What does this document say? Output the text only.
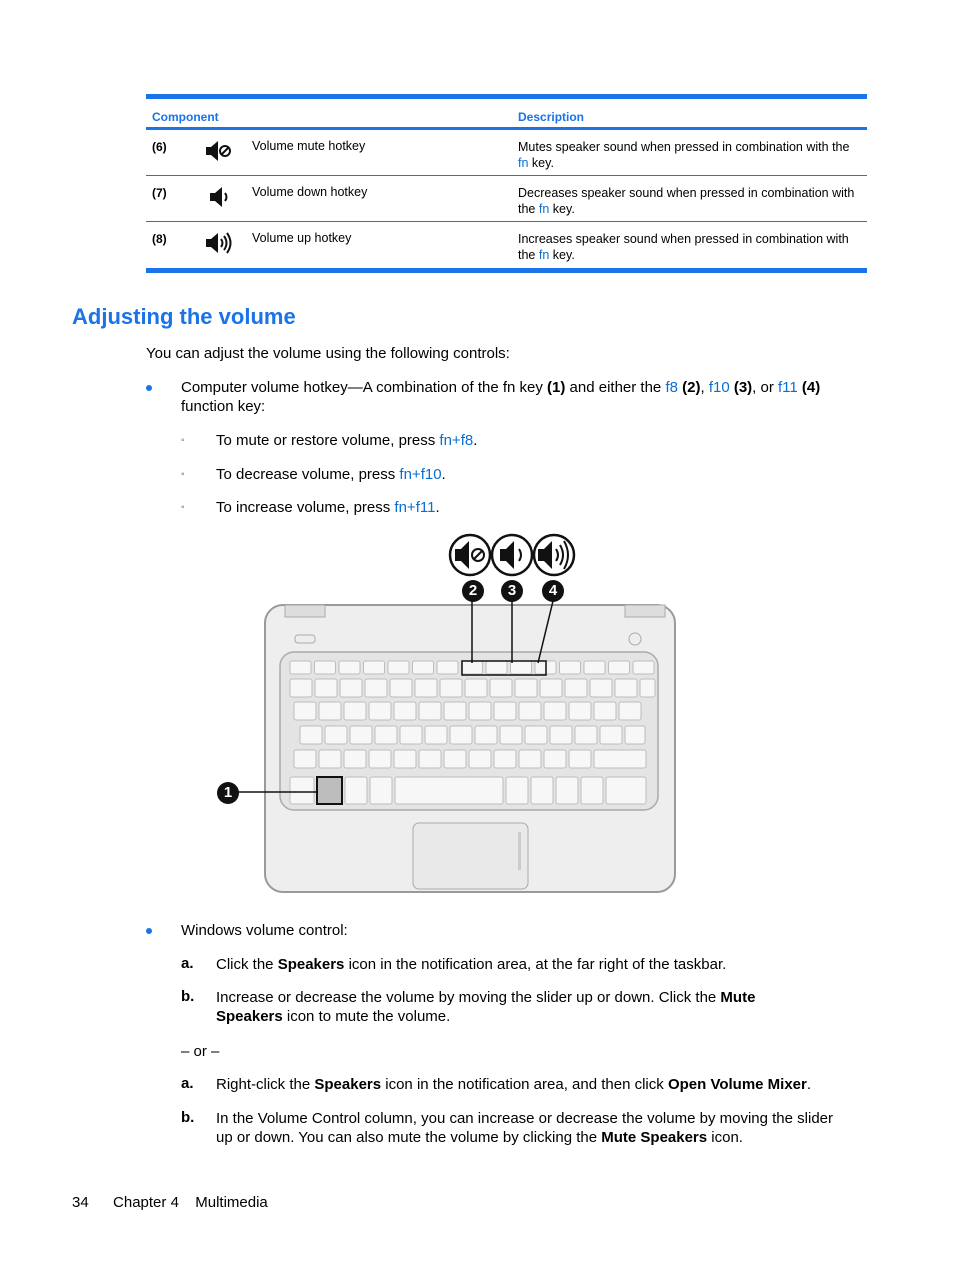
Component	Description
(6)	Volume mute hotkey	Mutes speaker sound when pressed in combination with the fn key.
(7)	Volume down hotkey	Decreases speaker sound when pressed in combination with the fn key.
(8)	Volume up hotkey	Increases speaker sound when pressed in combination with the fn key.
Adjusting the volume
You can adjust the volume using the following controls:
Computer volume hotkey—A combination of the fn key (1) and either the f8 (2), f10 (3), or f11 (4)
function key:
◦ To mute or restore volume, press fn+f8.
◦ To decrease volume, press fn+f10.
◦ To increase volume, press fn+f11.
1
2	3	4
Windows volume control:
a. Click the Speakers icon in the notification area, at the far right of the taskbar.
b. Increase or decrease the volume by moving the slider up or down. Click the Mute
Speakers icon to mute the volume.
– or –
a. Right-click the Speakers icon in the notification area, and then click Open Volume Mixer.
b. In the Volume Control column, you can increase or decrease the volume by moving the slider
up or down. You can also mute the volume by clicking the Mute Speakers icon.
34 Chapter 4 Multimedia
